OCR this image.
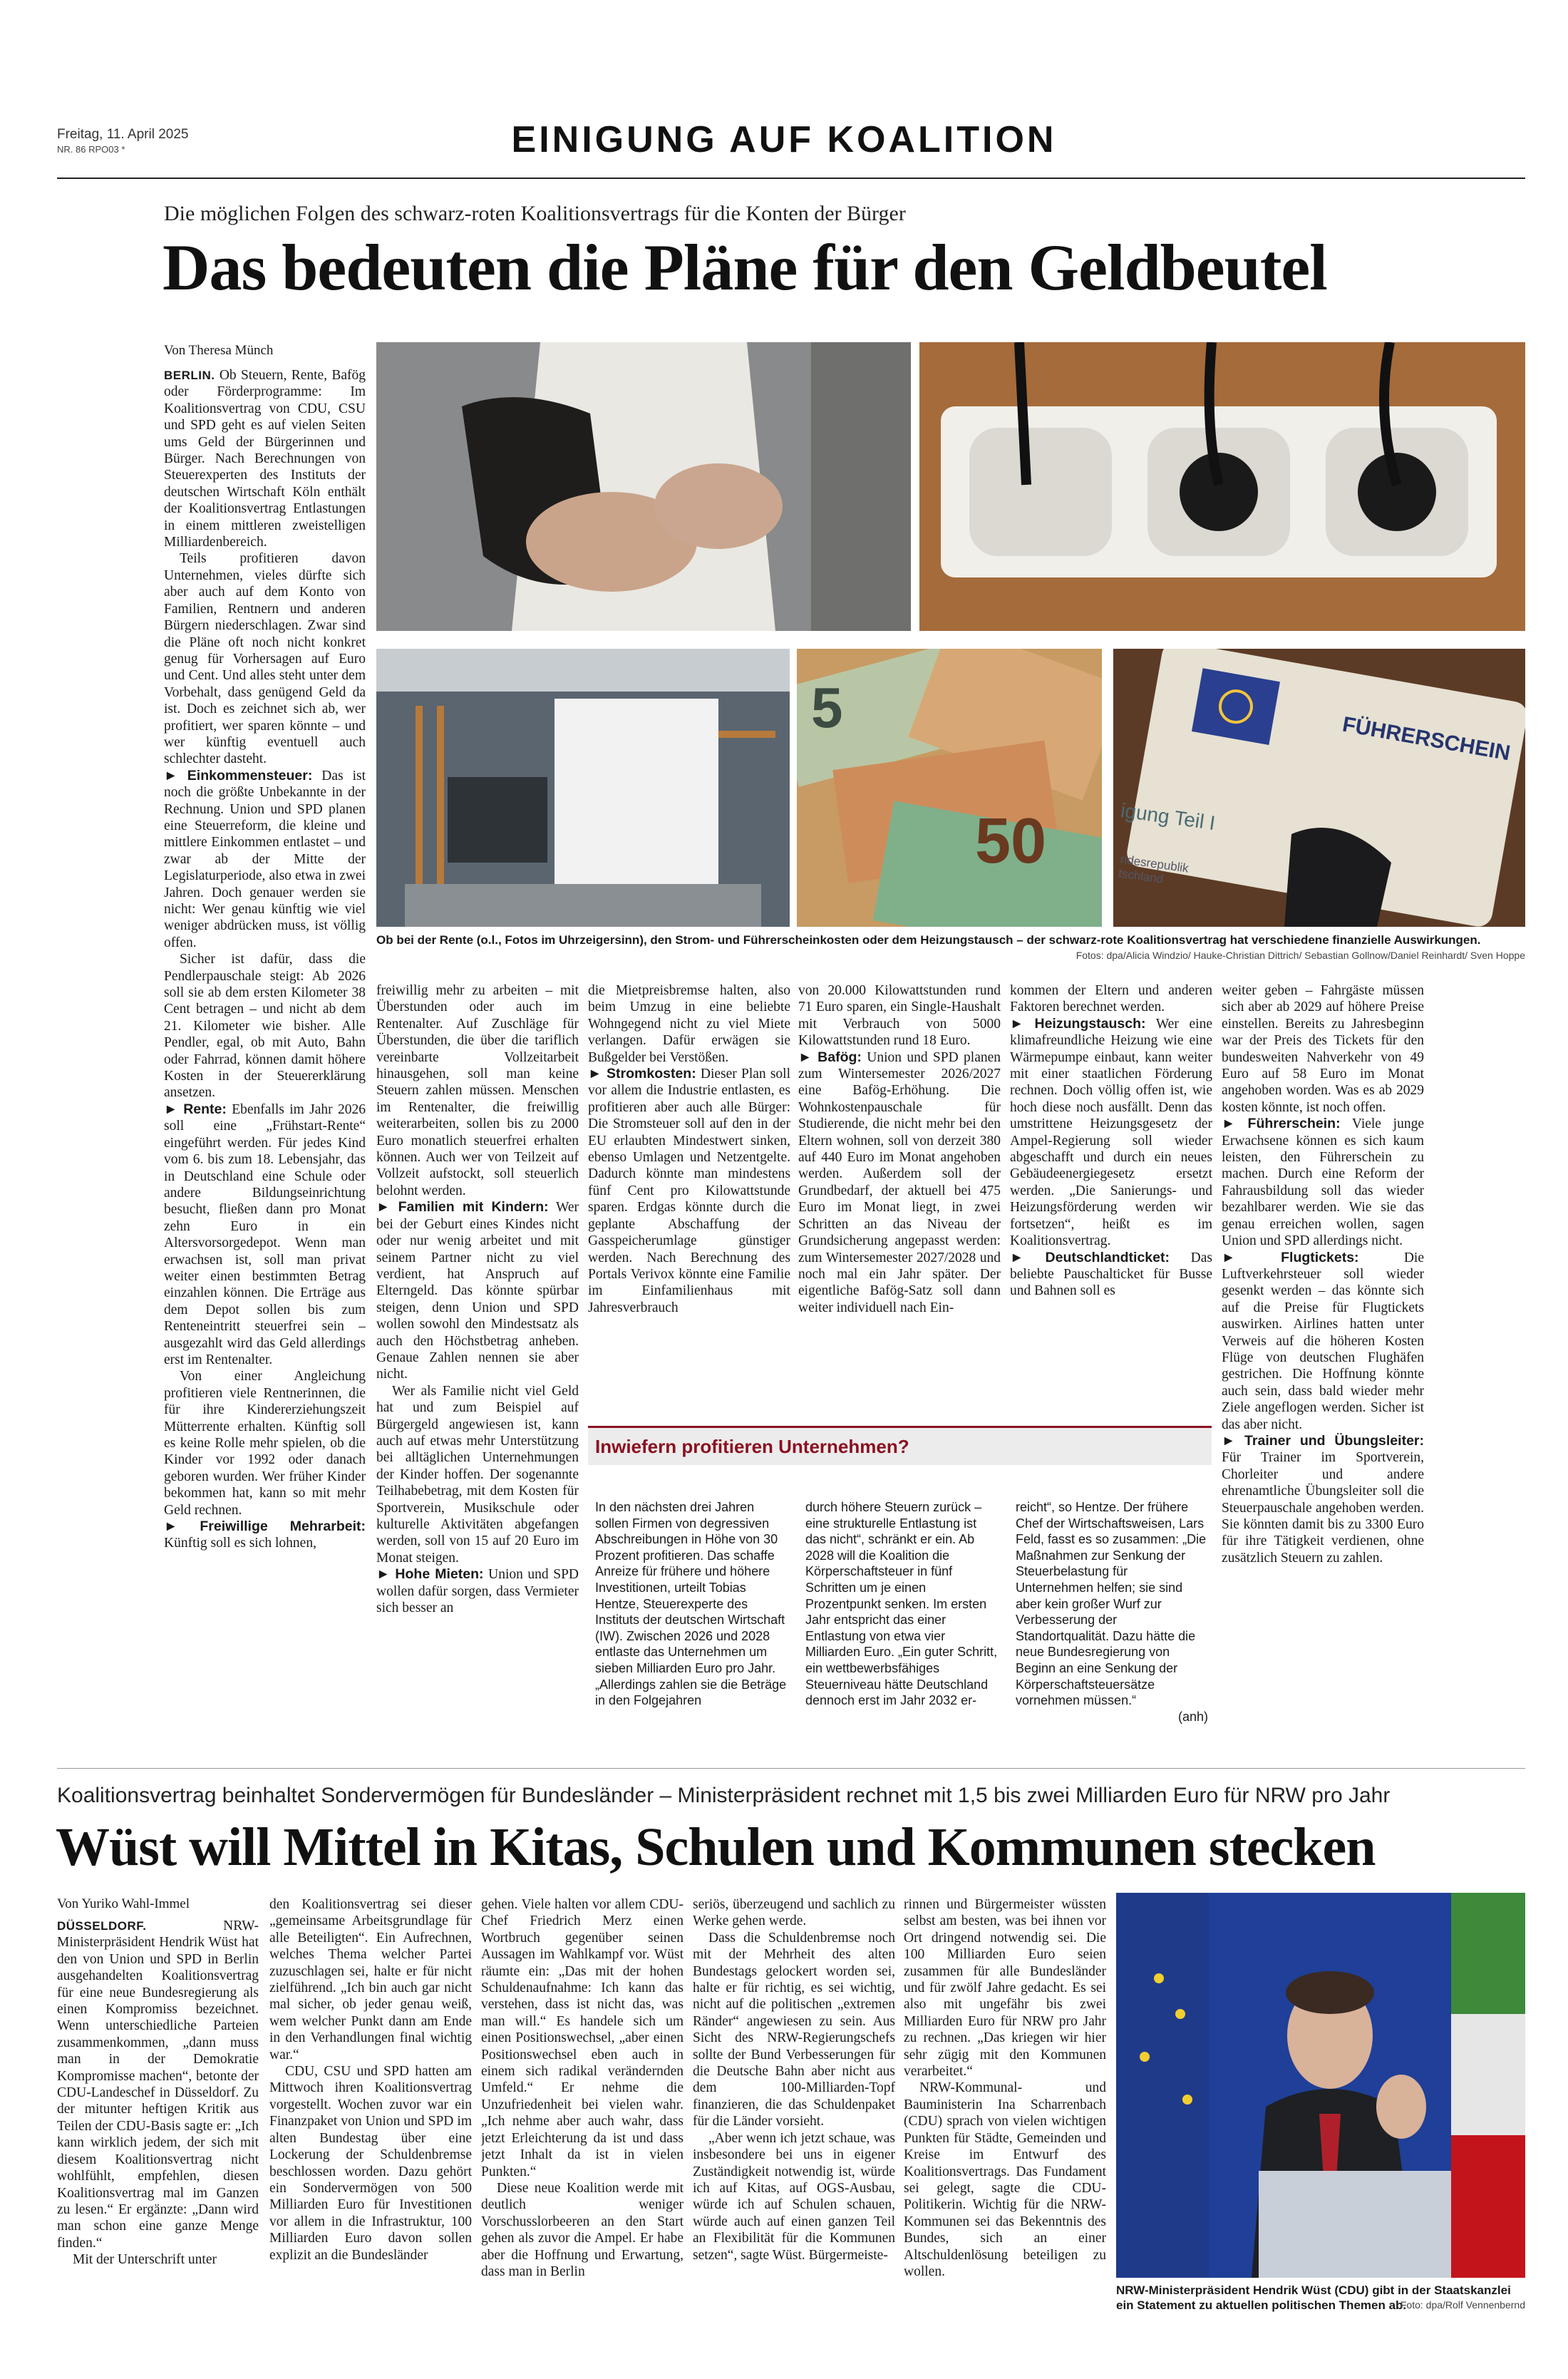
Freitag, 11. April 2025
NR. 86 RPO03 *	EINIGUNG AUF KOALITION
Die möglichen Folgen des schwarz-roten Koalitionsvertrags für die Konten der Bürger
Das bedeuten die Pläne für den Geldbeutel
Von Theresa Münch
5
50
FÜHRERSCHEIN
igung Teil I
ndesrepublik tschland
Ob bei der Rente (o.l., Fotos im Uhrzeigersinn), den Strom- und Führerscheinkosten oder dem Heizungstausch – der schwarz-rote Koalitionsvertrag hat verschiedene finanzielle Auswirkungen.
Fotos: dpa/Alicia Windzio/ Hauke-Christian Dittrich/ Sebastian Gollnow/Daniel Reinhardt/ Sven Hoppe

BERLIN. Ob Steuern, Rente, Bafög oder Förderprogramme: Im Koalitionsvertrag von CDU, CSU und SPD geht es auf vielen Seiten ums Geld der Bürgerinnen und Bürger. Nach Berechnungen von Steuerexperten des Instituts der deutschen Wirtschaft Köln enthält der Koalitionsvertrag Entlastungen in einem mittleren zweistelligen Milliardenbereich.

Teils profitieren davon Unternehmen, vieles dürfte sich aber auch auf dem Konto von Familien, Rentnern und anderen Bürgern niederschlagen. Zwar sind die Pläne oft noch nicht konkret genug für Vorhersagen auf Euro und Cent. Und alles steht unter dem Vorbehalt, dass genügend Geld da ist. Doch es zeichnet sich ab, wer profitiert, wer sparen könnte – und wer künftig eventuell auch schlechter dasteht.

► Einkommensteuer: Das ist noch die größte Unbekannte in der Rechnung. Union und SPD planen eine Steuerreform, die kleine und mittlere Einkommen entlastet – und zwar ab der Mitte der Legislaturperiode, also etwa in zwei Jahren. Doch genauer werden sie nicht: Wer genau künftig wie viel weniger abdrücken muss, ist völlig offen.

Sicher ist dafür, dass die Pendlerpauschale steigt: Ab 2026 soll sie ab dem ersten Kilometer 38 Cent betragen – und nicht ab dem 21. Kilometer wie bisher. Alle Pendler, egal, ob mit Auto, Bahn oder Fahrrad, können damit höhere Kosten in der Steuererklärung ansetzen.

► Rente: Ebenfalls im Jahr 2026 soll eine „Frühstart-Rente“ eingeführt werden. Für jedes Kind vom 6. bis zum 18. Lebensjahr, das in Deutschland eine Schule oder andere Bildungseinrichtung besucht, fließen dann pro Monat zehn Euro in ein Altersvorsorgedepot. Wenn man erwachsen ist, soll man privat weiter einen bestimmten Betrag einzahlen können. Die Erträge aus dem Depot sollen bis zum Renteneintritt steuerfrei sein – ausgezahlt wird das Geld allerdings erst im Rentenalter.

Von einer Angleichung profitieren viele Rentnerinnen, die für ihre Kindererziehungszeit Mütterrente erhalten. Künftig soll es keine Rolle mehr spielen, ob die Kinder vor 1992 oder danach geboren wurden. Wer früher Kinder bekommen hat, kann so mit mehr Geld rechnen.

► Freiwillige Mehrarbeit: Künftig soll es sich lohnen,

freiwillig mehr zu arbeiten – mit Überstunden oder auch im Rentenalter. Auf Zuschläge für Überstunden, die über die tariflich vereinbarte Vollzeitarbeit hinausgehen, soll man keine Steuern zahlen müssen. Menschen im Rentenalter, die freiwillig weiterarbeiten, sollen bis zu 2000 Euro monatlich steuerfrei erhalten können. Auch wer von Teilzeit auf Vollzeit aufstockt, soll steuerlich belohnt werden.

► Familien mit Kindern: Wer bei der Geburt eines Kindes nicht oder nur wenig arbeitet und mit seinem Partner nicht zu viel verdient, hat Anspruch auf Elterngeld. Das könnte spürbar steigen, denn Union und SPD wollen sowohl den Mindestsatz als auch den Höchstbetrag anheben. Genaue Zahlen nennen sie aber nicht.

Wer als Familie nicht viel Geld hat und zum Beispiel auf Bürgergeld angewiesen ist, kann auch auf etwas mehr Unterstützung bei alltäglichen Unternehmungen der Kinder hoffen. Der sogenannte Teilhabebetrag, mit dem Kosten für Sportverein, Musikschule oder kulturelle Aktivitäten abgefangen werden, soll von 15 auf 20 Euro im Monat steigen.

► Hohe Mieten: Union und SPD wollen dafür sorgen, dass Vermieter sich besser an

die Mietpreisbremse halten, also beim Umzug in eine beliebte Wohngegend nicht zu viel Miete verlangen. Dafür erwägen sie Bußgelder bei Verstößen.

► Stromkosten: Dieser Plan soll vor allem die Industrie entlasten, es profitieren aber auch alle Bürger: Die Stromsteuer soll auf den in der EU erlaubten Mindestwert sinken, ebenso Umlagen und Netzentgelte. Dadurch könnte man mindestens fünf Cent pro Kilowattstunde sparen. Erdgas könnte durch die geplante Abschaffung der Gasspeicherumlage günstiger werden. Nach Berechnung des Portals Verivox könnte eine Familie im Einfamilienhaus mit Jahresverbrauch

von 20.000 Kilowattstunden rund 71 Euro sparen, ein Single-Haushalt mit Verbrauch von 5000 Kilowattstunden rund 18 Euro.

► Bafög: Union und SPD planen zum Wintersemester 2026/2027 eine Bafög-Erhöhung. Die Wohnkostenpauschale für Studierende, die nicht mehr bei den Eltern wohnen, soll von derzeit 380 auf 440 Euro im Monat angehoben werden. Außerdem soll der Grundbedarf, der aktuell bei 475 Euro im Monat liegt, in zwei Schritten an das Niveau der Grundsicherung angepasst werden: zum Wintersemester 2027/2028 und noch mal ein Jahr später. Der eigentliche Bafög-Satz soll dann weiter individuell nach Ein-

kommen der Eltern und anderen Faktoren berechnet werden.

► Heizungstausch: Wer eine klimafreundliche Heizung wie eine Wärmepumpe einbaut, kann weiter mit einer staatlichen Förderung rechnen. Doch völlig offen ist, wie hoch diese noch ausfällt. Denn das umstrittene Heizungsgesetz der Ampel-Regierung soll wieder abgeschafft und durch ein neues Gebäudeenergiegesetz ersetzt werden. „Die Sanierungs- und Heizungsförderung werden wir fortsetzen“, heißt es im Koalitionsvertrag.

► Deutschlandticket: Das beliebte Pauschalticket für Busse und Bahnen soll es

weiter geben – Fahrgäste müssen sich aber ab 2029 auf höhere Preise einstellen. Bereits zu Jahresbeginn war der Preis des Tickets für den bundesweiten Nahverkehr von 49 Euro auf 58 Euro im Monat angehoben worden. Was es ab 2029 kosten könnte, ist noch offen.

► Führerschein: Viele junge Erwachsene können es sich kaum leisten, den Führerschein zu machen. Durch eine Reform der Fahrausbildung soll das wieder bezahlbarer werden. Wie sie das genau erreichen wollen, sagen Union und SPD allerdings nicht.

► Flugtickets:	Die Luftverkehrsteuer soll wieder gesenkt werden – das könnte sich auf die Preise für Flugtickets auswirken. Airlines hatten unter Verweis auf die höheren Kosten Flüge von deutschen Flughäfen gestrichen. Die Hoffnung könnte auch sein, dass bald wieder mehr Ziele angeflogen werden. Sicher ist das aber nicht.

► Trainer und Übungsleiter: Für Trainer im Sportverein, Chorleiter und andere ehrenamtliche Übungsleiter soll die Steuerpauschale angehoben werden. Sie könnten damit bis zu 3300 Euro für ihre Tätigkeit verdienen, ohne zusätzlich Steuern zu zahlen.

Inwiefern profitieren Unternehmen?
In den nächsten drei Jahren sollen Firmen von degressiven Abschreibungen in Höhe von 30 Prozent profitieren. Das schaffe Anreize für frühere und höhere Investitionen, urteilt Tobias Hentze, Steuerexperte des Instituts der deutschen Wirtschaft (IW). Zwischen 2026 und 2028 entlaste das Unternehmen um sieben Milliarden Euro pro Jahr. „Allerdings zahlen sie die Beträge in den Folgejahren
durch höhere Steuern zurück – eine strukturelle Entlastung ist das nicht“, schränkt er ein. Ab 2028 will die Koalition die Körperschaftsteuer in fünf Schritten um je einen Prozentpunkt senken. Im ersten Jahr entspricht das einer Entlastung von etwa vier Milliarden Euro. „Ein guter Schritt, ein wettbewerbsfähiges Steuerniveau hätte Deutschland dennoch erst im Jahr 2032 er-
reicht“, so Hentze. Der frühere Chef der Wirtschaftsweisen, Lars Feld, fasst es so zusammen: „Die Maßnahmen zur Senkung der Steuerbelastung für Unternehmen helfen; sie sind aber kein großer Wurf zur Verbesserung der Standortqualität. Dazu hätte die neue Bundesregierung von Beginn an eine Senkung der Körperschaftsteuersätze vornehmen müssen.“
(anh)
Koalitionsvertrag beinhaltet Sondervermögen für Bundesländer – Ministerpräsident rechnet mit 1,5 bis zwei Milliarden Euro für NRW pro Jahr
Wüst will Mittel in Kitas, Schulen und Kommunen stecken
Von Yuriko Wahl-Immel

DÜSSELDORF.	NRW-Ministerpräsident Hendrik Wüst hat den von Union und SPD in Berlin ausgehandelten Koalitionsvertrag für eine neue Bundesregierung als einen Kompromiss bezeichnet. Wenn unterschiedliche Parteien zusammenkommen, „dann muss man in der Demokratie Kompromisse machen“, betonte der CDU-Landeschef in Düsseldorf. Zu der mitunter heftigen Kritik aus Teilen der CDU-Basis sagte er: „Ich kann wirklich jedem, der sich mit diesem Koalitionsvertrag nicht wohlfühlt, empfehlen, diesen Koalitionsvertrag mal im Ganzen zu lesen.“ Er ergänzte: „Dann wird man schon eine ganze Menge finden.“

Mit der Unterschrift unter

den Koalitionsvertrag sei dieser „gemeinsame Arbeitsgrundlage für alle Beteiligten“. Ein Aufrechnen, welches Thema welcher Partei zuzuschlagen sei, halte er für nicht zielführend. „Ich bin auch gar nicht mal sicher, ob jeder genau weiß, wem welcher Punkt dann am Ende in den Verhandlungen final wichtig war.“

CDU, CSU und SPD hatten am Mittwoch ihren Koalitionsvertrag vorgestellt. Wochen zuvor war ein Finanzpaket von Union und SPD im alten Bundestag über eine Lockerung der Schuldenbremse beschlossen worden. Dazu gehört ein Sondervermögen von 500 Milliarden Euro für Investitionen vor allem in die Infrastruktur, 100 Milliarden Euro davon sollen explizit an die Bundesländer

gehen. Viele halten vor allem CDU-Chef Friedrich Merz einen Wortbruch gegenüber seinen Aussagen im Wahlkampf vor. Wüst räumte ein: „Das mit der hohen Schuldenaufnahme: Ich kann das verstehen, dass ist nicht das, was man will.“ Es handele sich um einen Positionswechsel, „aber einen Positionswechsel eben auch in einem sich radikal verändernden Umfeld.“ Er nehme die Unzufriedenheit bei vielen wahr. „Ich nehme aber auch wahr, dass jetzt Erleichterung da ist und dass jetzt Inhalt da ist in vielen Punkten.“

Diese neue Koalition werde mit deutlich weniger Vorschusslorbeeren an den Start gehen als zuvor die Ampel. Er habe aber die Hoffnung und Erwartung, dass man in Berlin

seriös, überzeugend und sachlich zu Werke gehen werde.

Dass die Schuldenbremse noch mit der Mehrheit des alten Bundestags gelockert worden sei, halte er für richtig, es sei wichtig, nicht auf die politischen „extremen Ränder“ angewiesen zu sein. Aus Sicht des NRW-Regierungschefs sollte der Bund Verbesserungen für die Deutsche Bahn aber nicht aus dem 100-Milliarden-Topf finanzieren, die das Schuldenpaket für die Länder vorsieht.

„Aber wenn ich jetzt schaue, was insbesondere bei uns in eigener Zuständigkeit notwendig ist, würde ich auf Kitas, auf OGS-Ausbau, würde ich auf Schulen schauen, würde auch auf einen ganzen Teil an Flexibilität für die Kommunen setzen“, sagte Wüst. Bürgermeiste-

rinnen und Bürgermeister wüssten selbst am besten, was bei ihnen vor Ort dringend notwendig sei. Die 100 Milliarden Euro seien zusammen für alle Bundesländer und für zwölf Jahre gedacht. Es sei also mit ungefähr bis zwei Milliarden Euro für NRW pro Jahr zu rechnen. „Das kriegen wir hier sehr zügig mit den Kommunen verarbeitet.“

NRW-Kommunal- und Bauministerin Ina Scharrenbach (CDU) sprach von vielen wichtigen Punkten für Städte, Gemeinden und Kreise im Entwurf des Koalitionsvertrags. Das Fundament sei gelegt, sagte die CDU-Politikerin. Wichtig für die NRW-Kommunen sei das Bekenntnis des Bundes, sich an einer Altschuldenlösung beteiligen zu wollen.

NRW-Ministerpräsident Hendrik Wüst (CDU) gibt in der Staatskanzlei ein Statement zu aktuellen politischen Themen ab.
Foto: dpa/Rolf Vennenbernd
